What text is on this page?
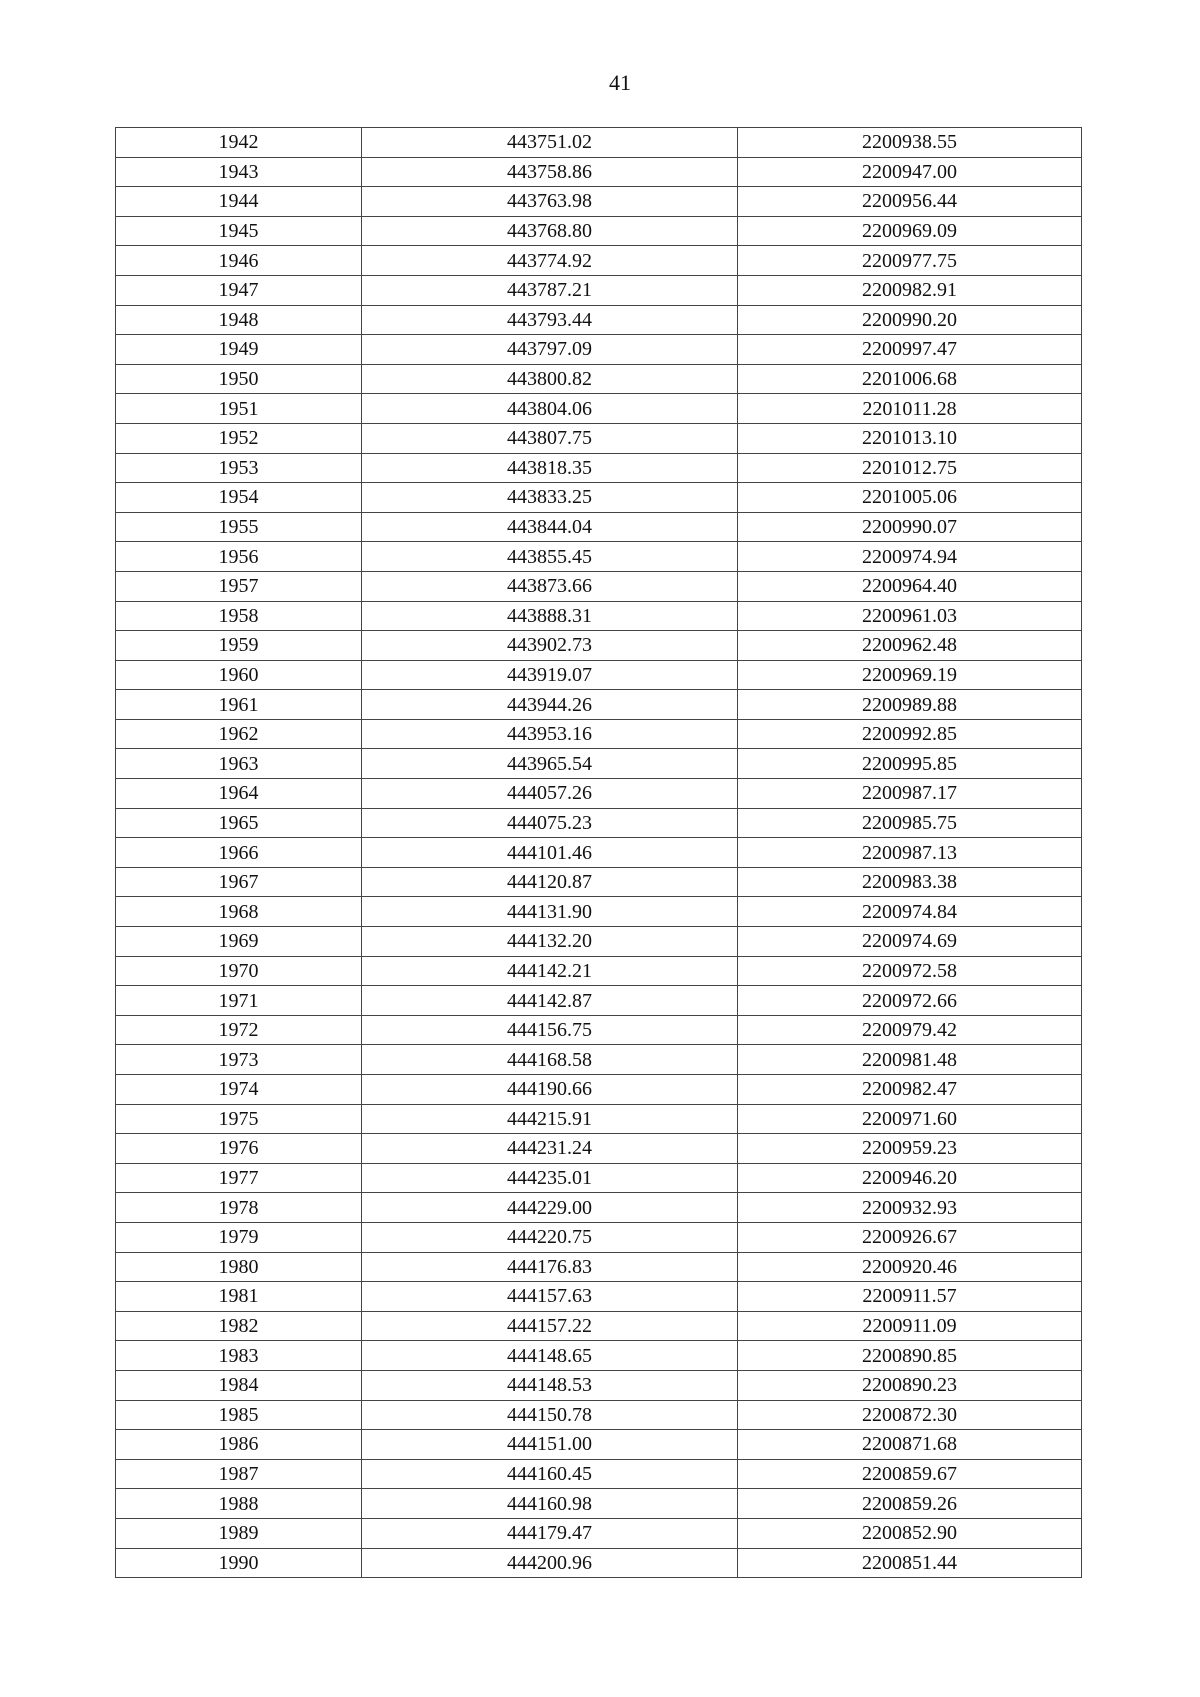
41
1942	443751.02	2200938.55
1943	443758.86	2200947.00
1944	443763.98	2200956.44
1945	443768.80	2200969.09
1946	443774.92	2200977.75
1947	443787.21	2200982.91
1948	443793.44	2200990.20
1949	443797.09	2200997.47
1950	443800.82	2201006.68
1951	443804.06	2201011.28
1952	443807.75	2201013.10
1953	443818.35	2201012.75
1954	443833.25	2201005.06
1955	443844.04	2200990.07
1956	443855.45	2200974.94
1957	443873.66	2200964.40
1958	443888.31	2200961.03
1959	443902.73	2200962.48
1960	443919.07	2200969.19
1961	443944.26	2200989.88
1962	443953.16	2200992.85
1963	443965.54	2200995.85
1964	444057.26	2200987.17
1965	444075.23	2200985.75
1966	444101.46	2200987.13
1967	444120.87	2200983.38
1968	444131.90	2200974.84
1969	444132.20	2200974.69
1970	444142.21	2200972.58
1971	444142.87	2200972.66
1972	444156.75	2200979.42
1973	444168.58	2200981.48
1974	444190.66	2200982.47
1975	444215.91	2200971.60
1976	444231.24	2200959.23
1977	444235.01	2200946.20
1978	444229.00	2200932.93
1979	444220.75	2200926.67
1980	444176.83	2200920.46
1981	444157.63	2200911.57
1982	444157.22	2200911.09
1983	444148.65	2200890.85
1984	444148.53	2200890.23
1985	444150.78	2200872.30
1986	444151.00	2200871.68
1987	444160.45	2200859.67
1988	444160.98	2200859.26
1989	444179.47	2200852.90
1990	444200.96	2200851.44
